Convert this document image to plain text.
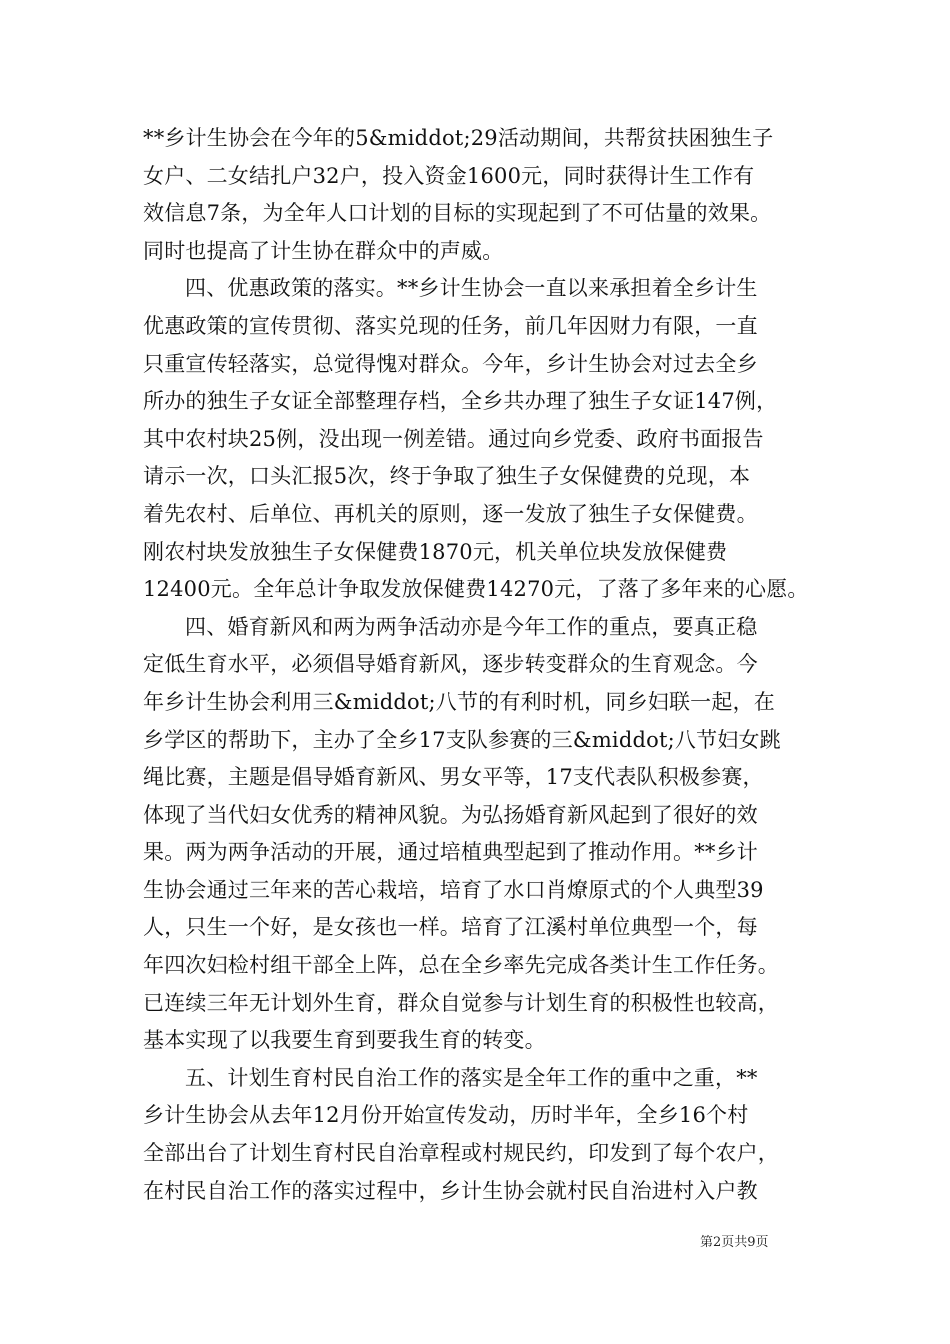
**乡计生协会在今年的5&middot;29活动期间，共帮贫扶困独生子
女户、二女结扎户32户，投入资金1600元，同时获得计生工作有
效信息7条，为全年人口计划的目标的实现起到了不可估量的效果。
同时也提高了计生协在群众中的声威。
四、优惠政策的落实。**乡计生协会一直以来承担着全乡计生
优惠政策的宣传贯彻、落实兑现的任务，前几年因财力有限，一直
只重宣传轻落实，总觉得愧对群众。今年，乡计生协会对过去全乡
所办的独生子女证全部整理存档，全乡共办理了独生子女证147例，
其中农村块25例，没出现一例差错。通过向乡党委、政府书面报告
请示一次，口头汇报5次，终于争取了独生子女保健费的兑现，本
着先农村、后单位、再机关的原则，逐一发放了独生子女保健费。
刚农村块发放独生子女保健费1870元，机关单位块发放保健费
12400元。全年总计争取发放保健费14270元，了落了多年来的心愿。
四、婚育新风和两为两争活动亦是今年工作的重点，要真正稳
定低生育水平，必须倡导婚育新风，逐步转变群众的生育观念。今
年乡计生协会利用三&middot;八节的有利时机，同乡妇联一起，在
乡学区的帮助下，主办了全乡17支队参赛的三&middot;八节妇女跳
绳比赛，主题是倡导婚育新风、男女平等，17支代表队积极参赛，
体现了当代妇女优秀的精神风貌。为弘扬婚育新风起到了很好的效
果。两为两争活动的开展，通过培植典型起到了推动作用。**乡计
生协会通过三年来的苦心栽培，培育了水口肖燎原式的个人典型39
人，只生一个好，是女孩也一样。培育了江溪村单位典型一个，每
年四次妇检村组干部全上阵，总在全乡率先完成各类计生工作任务。
已连续三年无计划外生育，群众自觉参与计划生育的积极性也较高，
基本实现了以我要生育到要我生育的转变。
五、计划生育村民自治工作的落实是全年工作的重中之重，**
乡计生协会从去年12月份开始宣传发动，历时半年，全乡16个村
全部出台了计划生育村民自治章程或村规民约，印发到了每个农户，
在村民自治工作的落实过程中，乡计生协会就村民自治进村入户教
第2页共9页
